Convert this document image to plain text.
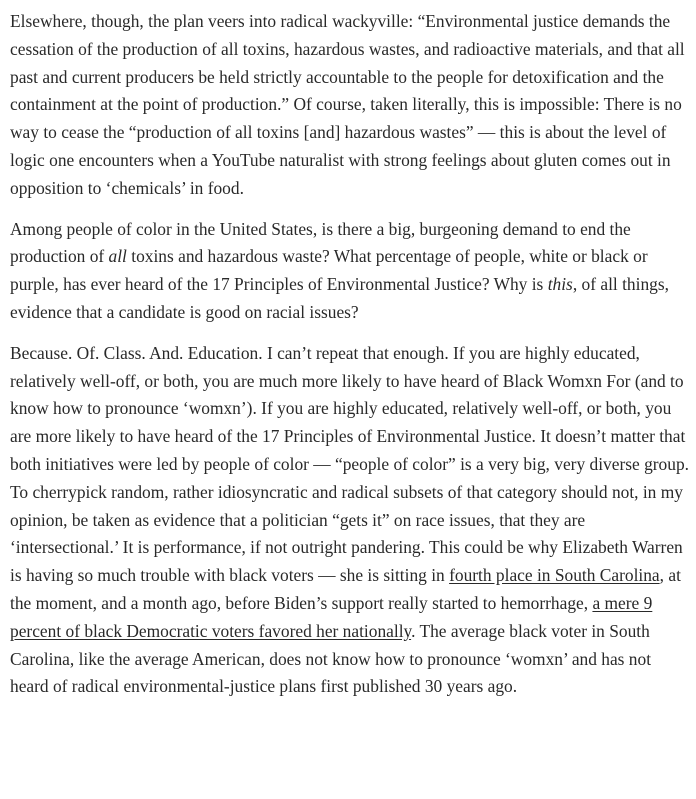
Elsewhere, though, the plan veers into radical wackyville: “Environmental justice demands the cessation of the production of all toxins, hazardous wastes, and radioactive materials, and that all past and current producers be held strictly accountable to the people for detoxification and the containment at the point of production.” Of course, taken literally, this is impossible: There is no way to cease the “production of all toxins [and] hazardous wastes” — this is about the level of logic one encounters when a YouTube naturalist with strong feelings about gluten comes out in opposition to ‘chemicals’ in food.

Among people of color in the United States, is there a big, burgeoning demand to end the production of all toxins and hazardous waste? What percentage of people, white or black or purple, has ever heard of the 17 Principles of Environmental Justice? Why is this, of all things, evidence that a candidate is good on racial issues?

Because. Of. Class. And. Education. I can’t repeat that enough. If you are highly educated, relatively well-off, or both, you are much more likely to have heard of Black Womxn For (and to know how to pronounce ‘womxn’). If you are highly educated, relatively well-off, or both, you are more likely to have heard of the 17 Principles of Environmental Justice. It doesn’t matter that both initiatives were led by people of color — “people of color” is a very big, very diverse group. To cherrypick random, rather idiosyncratic and radical subsets of that category should not, in my opinion, be taken as evidence that a politician “gets it” on race issues, that they are ‘intersectional.’ It is performance, if not outright pandering. This could be why Elizabeth Warren is having so much trouble with black voters — she is sitting in fourth place in South Carolina, at the moment, and a month ago, before Biden’s support really started to hemorrhage, a mere 9 percent of black Democratic voters favored her nationally. The average black voter in South Carolina, like the average American, does not know how to pronounce ‘womxn’ and has not heard of radical environmental-justice plans first published 30 years ago.
